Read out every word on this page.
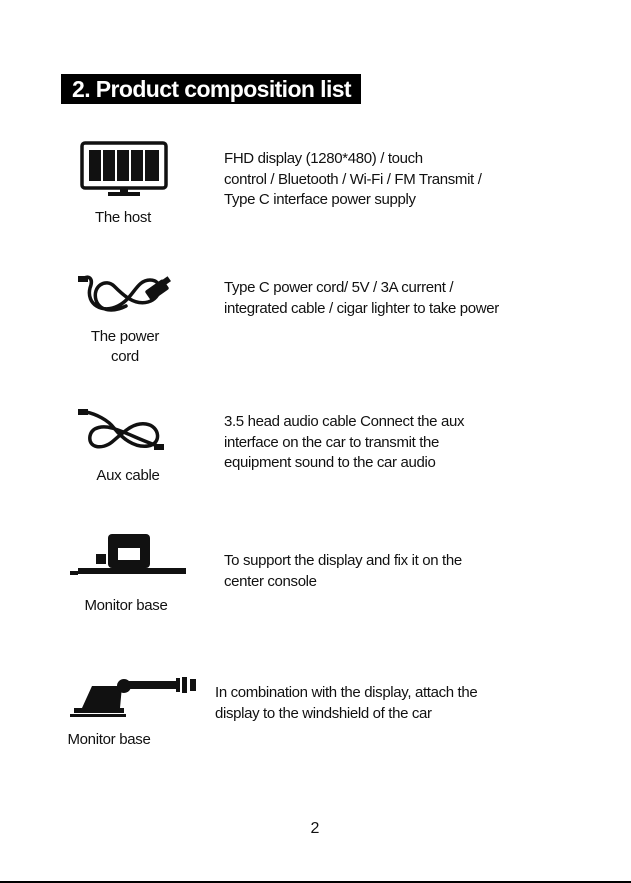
2. Product composition list
The host
FHD display (1280*480) / touch
control / Bluetooth / Wi-Fi / FM Transmit /
Type C interface power supply
The power
cord
Type C power cord/ 5V / 3A current /
integrated cable / cigar lighter to take power
Aux cable
3.5 head audio cable Connect the aux
interface on the car to transmit the
equipment sound to the car audio
Monitor base
To support the display and fix it on the
center console
Monitor base
In combination with the display, attach the
display to the windshield of the car
2
